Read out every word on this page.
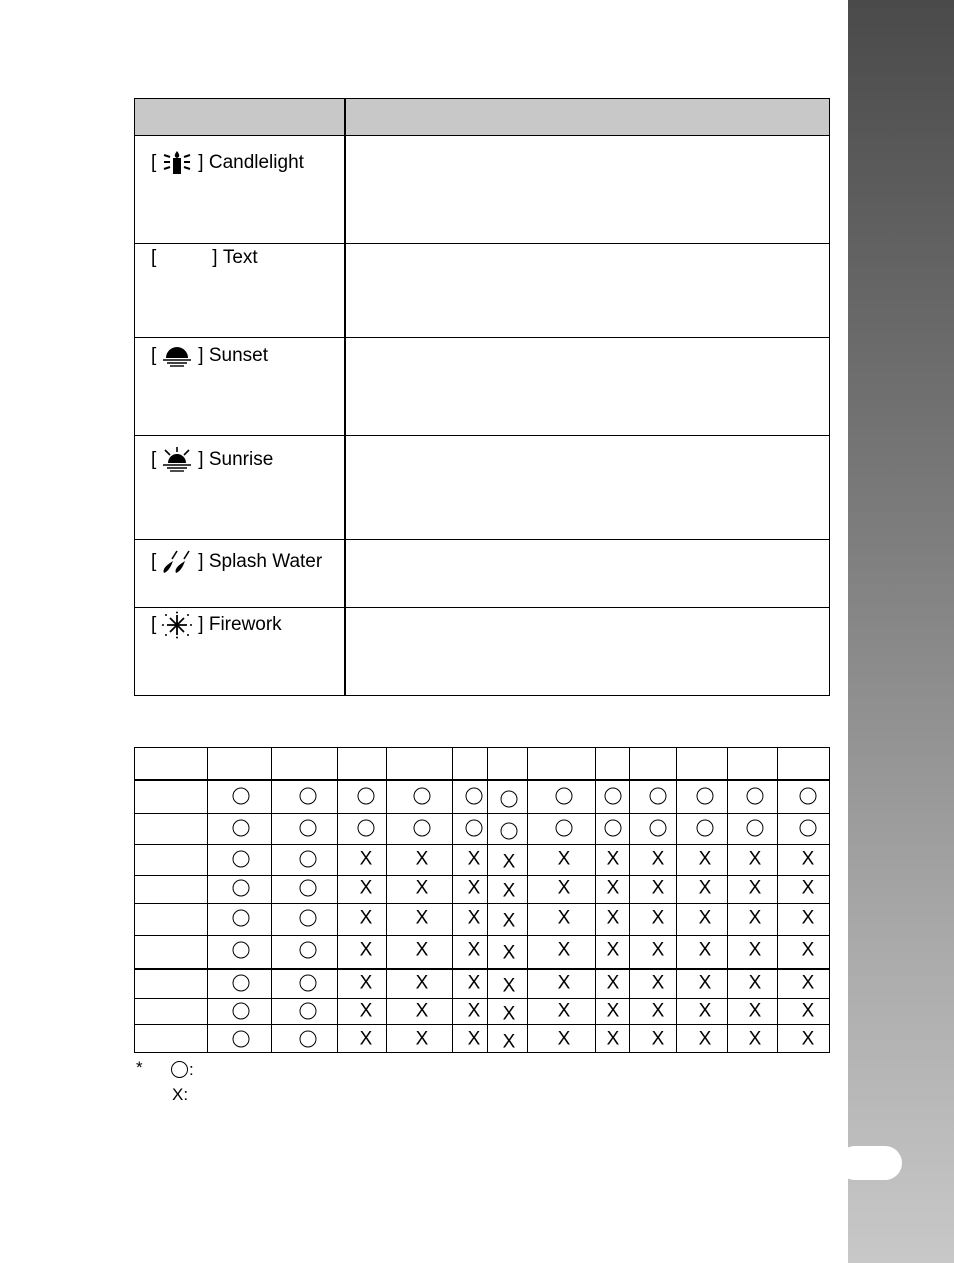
[ ] Candlelight
[	] Text
[ ] Sunset
[ ] Sunrise
[ ] Splash Water
[ ] Firework
X X X X X X X X X X
X X X X X X X X X X
X X X X X X X X X X
X X X X X X X X X X
X X X X X X X X X X
X X X X X X X X X X
X X X X X X X X X X
*	:
X:
